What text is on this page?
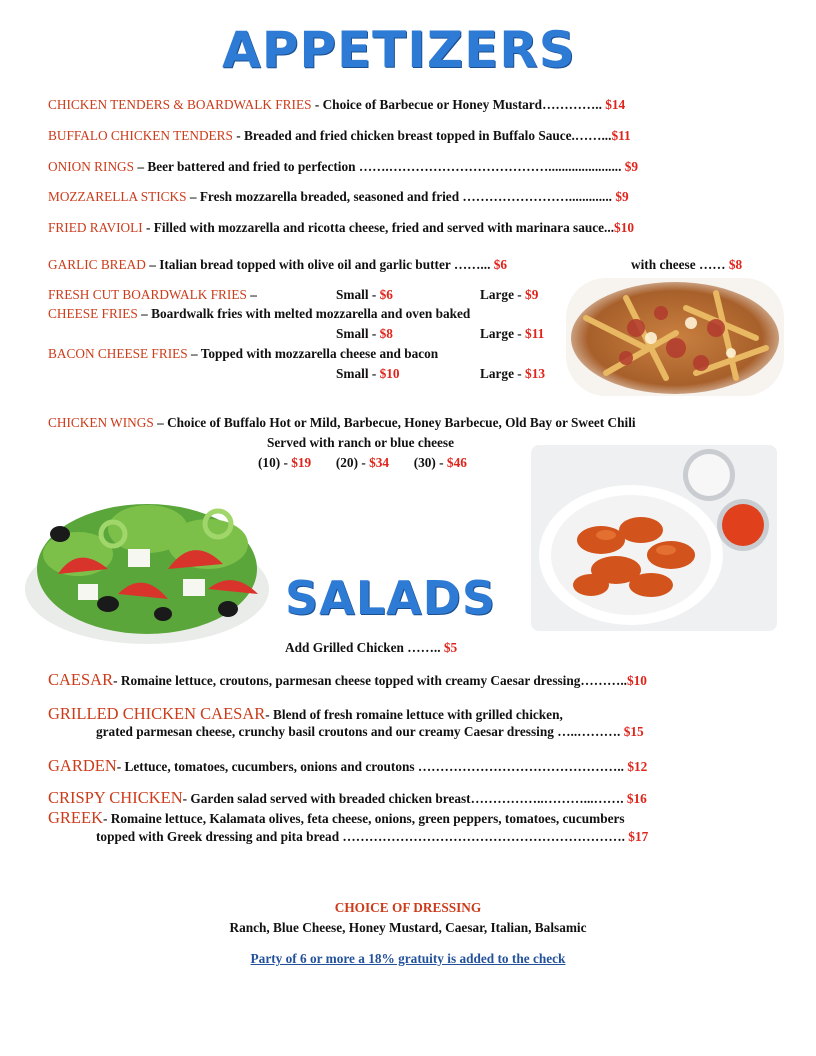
APPETIZERS
CHICKEN TENDERS & BOARDWALK FRIES - Choice of Barbecue or Honey Mustard………….. $14
BUFFALO CHICKEN TENDERS - Breaded and fried chicken breast topped in Buffalo Sauce.……...$11
ONION RINGS – Beer battered and fried to perfection …….………………………………...................... $9
MOZZARELLA STICKS – Fresh mozzarella breaded, seasoned and fried ……………………............. $9
FRIED RAVIOLI - Filled with mozzarella and ricotta cheese, fried and served with marinara sauce...$10
GARLIC BREAD – Italian bread topped with olive oil and garlic butter ……... $6	with cheese …… $8
FRESH CUT BOARDWALK FRIES –	Small - $6	Large - $9
CHEESE FRIES – Boardwalk fries with melted mozzarella and oven baked
Small - $8	Large - $11
BACON CHEESE FRIES – Topped with mozzarella cheese and bacon
Small - $10	Large - $13
CHICKEN WINGS – Choice of Buffalo Hot or Mild, Barbecue, Honey Barbecue, Old Bay or Sweet Chili
Served with ranch or blue cheese
(10) - $19 (20) - $34 (30) - $46
SALADS
Add Grilled Chicken …….. $5
CAESAR- Romaine lettuce, croutons, parmesan cheese topped with creamy Caesar dressing………..$10
GRILLED CHICKEN CAESAR- Blend of fresh romaine lettuce with grilled chicken,
grated parmesan cheese, crunchy basil croutons and our creamy Caesar dressing …..………. $15
GARDEN- Lettuce, tomatoes, cucumbers, onions and croutons ……………………………………….. $12
CRISPY CHICKEN- Garden salad served with breaded chicken breast……………..………...……. $16
GREEK- Romaine lettuce, Kalamata olives, feta cheese, onions, green peppers, tomatoes, cucumbers
topped with Greek dressing and pita bread ………………………………………………………. $17
CHOICE OF DRESSING
Ranch, Blue Cheese, Honey Mustard, Caesar, Italian, Balsamic
Party of 6 or more a 18% gratuity is added to the check
